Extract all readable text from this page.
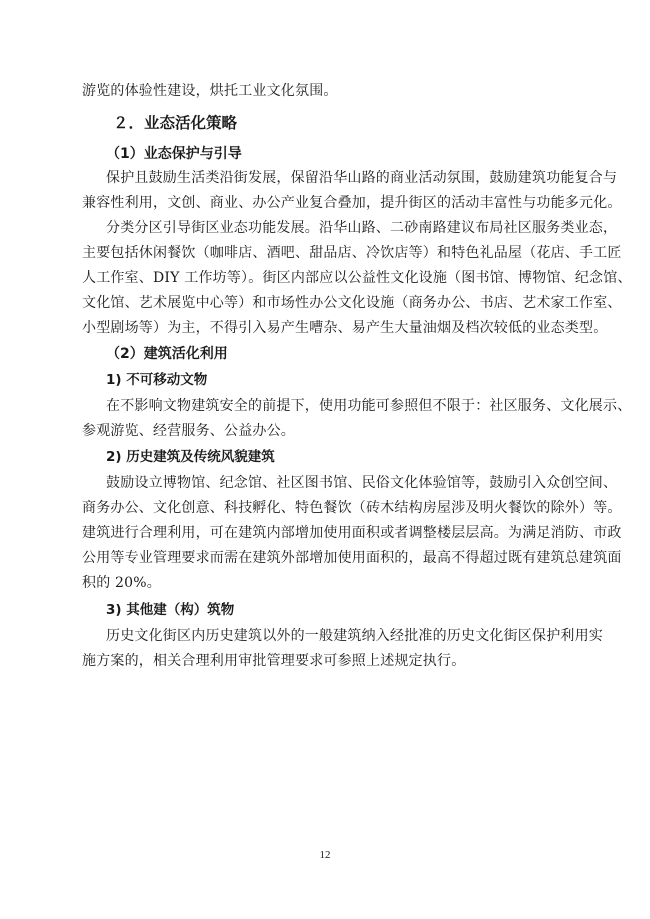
游览的体验性建设，烘托工业文化氛围。
２．业态活化策略
（1）业态保护与引导
保护且鼓励生活类沿街发展，保留沿华山路的商业活动氛围，鼓励建筑功能复合与
兼容性利用，文创、商业、办公产业复合叠加，提升街区的活动丰富性与功能多元化。
分类分区引导街区业态功能发展。沿华山路、二砂南路建议布局社区服务类业态，
主要包括休闲餐饮（咖啡店、酒吧、甜品店、冷饮店等）和特色礼品屋（花店、手工匠
人工作室、DIY 工作坊等）。街区内部应以公益性文化设施（图书馆、博物馆、纪念馆、
文化馆、艺术展览中心等）和市场性办公文化设施（商务办公、书店、艺术家工作室、
小型剧场等）为主，不得引入易产生嘈杂、易产生大量油烟及档次较低的业态类型。
（2）建筑活化利用
1) 不可移动文物
在不影响文物建筑安全的前提下，使用功能可参照但不限于：社区服务、文化展示、
参观游览、经营服务、公益办公。
2) 历史建筑及传统风貌建筑
鼓励设立博物馆、纪念馆、社区图书馆、民俗文化体验馆等，鼓励引入众创空间、
商务办公、文化创意、科技孵化、特色餐饮（砖木结构房屋涉及明火餐饮的除外）等。
建筑进行合理利用，可在建筑内部增加使用面积或者调整楼层层高。为满足消防、市政
公用等专业管理要求而需在建筑外部增加使用面积的，最高不得超过既有建筑总建筑面
积的 20%。
3) 其他建（构）筑物
历史文化街区内历史建筑以外的一般建筑纳入经批准的历史文化街区保护利用实
施方案的，相关合理利用审批管理要求可参照上述规定执行。
12
